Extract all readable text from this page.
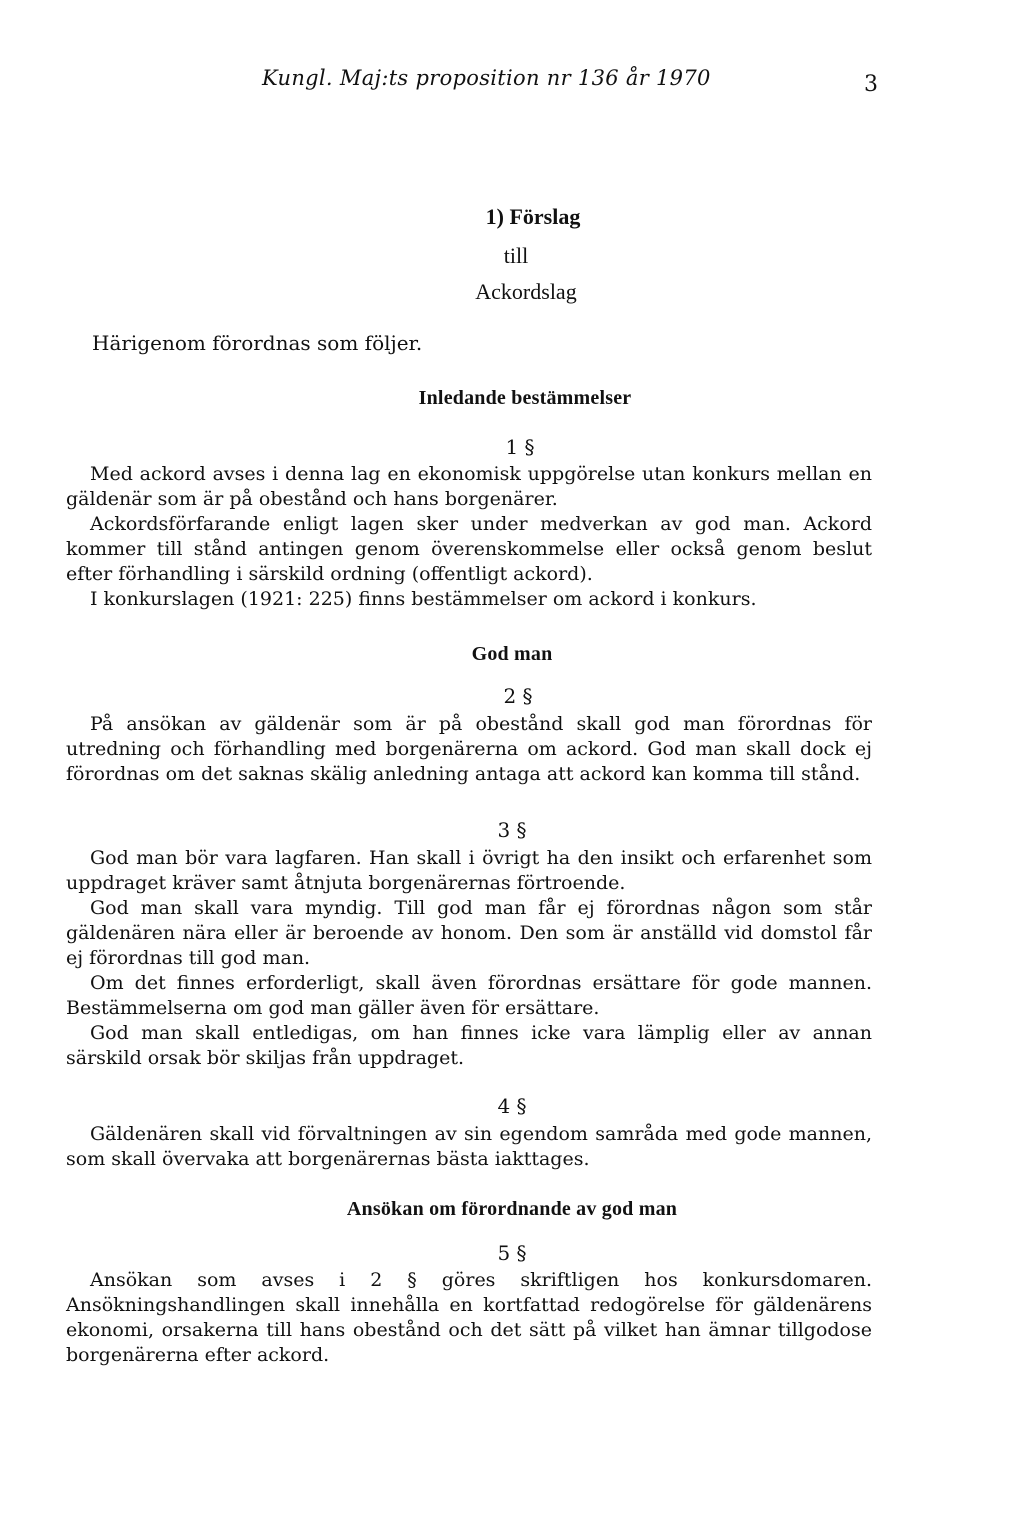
Kungl. Maj:ts proposition nr 136 år 1970	3
1) Förslag
till
Ackordslag
Härigenom förordnas som följer.
Inledande bestämmelser
1 §

Med ackord avses i denna lag en ekonomisk uppgörelse utan konkurs mellan en gäldenär som är på obestånd och hans borgenärer.

Ackordsförfarande enligt lagen sker under medverkan av god man. Ackord kommer till stånd antingen genom överenskommelse eller också genom beslut efter förhandling i särskild ordning (offentligt ackord).

I konkurslagen (1921: 225) finns bestämmelser om ackord i konkurs.

God man
2 §

På ansökan av gäldenär som är på obestånd skall god man förordnas för utredning och förhandling med borgenärerna om ackord. God man skall dock ej förordnas om det saknas skälig anledning antaga att ackord kan komma till stånd.

3 §

God man bör vara lagfaren. Han skall i övrigt ha den insikt och erfarenhet som uppdraget kräver samt åtnjuta borgenärernas förtroende.

God man skall vara myndig. Till god man får ej förordnas någon som står gäldenären nära eller är beroende av honom. Den som är anställd vid domstol får ej förordnas till god man.

Om det finnes erforderligt, skall även förordnas ersättare för gode mannen. Bestämmelserna om god man gäller även för ersättare.

God man skall entledigas, om han finnes icke vara lämplig eller av annan särskild orsak bör skiljas från uppdraget.

4 §

Gäldenären skall vid förvaltningen av sin egendom samråda med gode mannen, som skall övervaka att borgenärernas bästa iakttages.

Ansökan om förordnande av god man
5 §

Ansökan som avses i 2 § göres skriftligen hos konkursdomaren. Ansökningshandlingen skall innehålla en kortfattad redogörelse för gäldenärens ekonomi, orsakerna till hans obestånd och det sätt på vilket han ämnar tillgodose borgenärerna efter ackord.
